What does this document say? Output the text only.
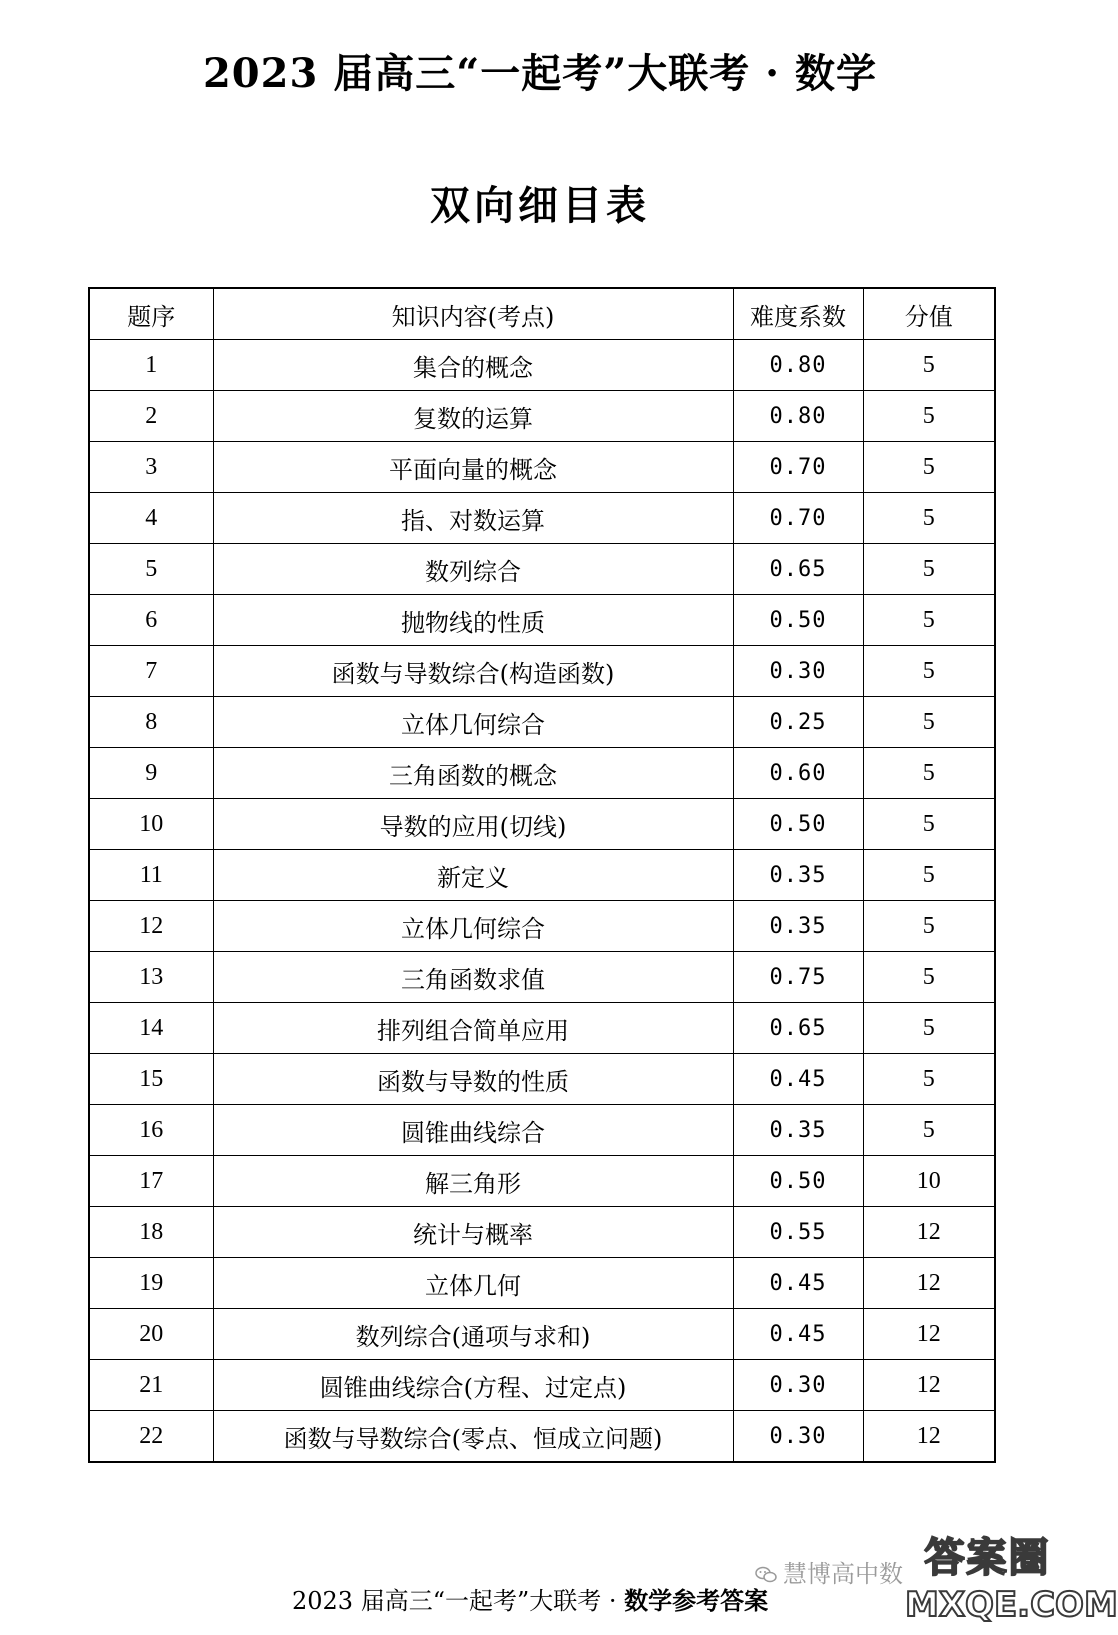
2023 届高三“一起考”大联考 · 数学
双向细目表
题序	知识内容(考点)	难度系数	分值
1	集合的概念	0.80	5
2	复数的运算	0.80	5
3	平面向量的概念	0.70	5
4	指、对数运算	0.70	5
5	数列综合	0.65	5
6	抛物线的性质	0.50	5
7	函数与导数综合(构造函数)	0.30	5
8	立体几何综合	0.25	5
9	三角函数的概念	0.60	5
10	导数的应用(切线)	0.50	5
11	新定义	0.35	5
12	立体几何综合	0.35	5
13	三角函数求值	0.75	5
14	排列组合简单应用	0.65	5
15	函数与导数的性质	0.45	5
16	圆锥曲线综合	0.35	5
17	解三角形	0.50	10
18	统计与概率	0.55	12
19	立体几何	0.45	12
20	数列综合(通项与求和)	0.45	12
21	圆锥曲线综合(方程、过定点)	0.30	12
22	函数与导数综合(零点、恒成立问题)	0.30	12
2023 届高三“一起考”大联考 · 数学参考答案
慧博高中数 答案圈
MXQE.COM
